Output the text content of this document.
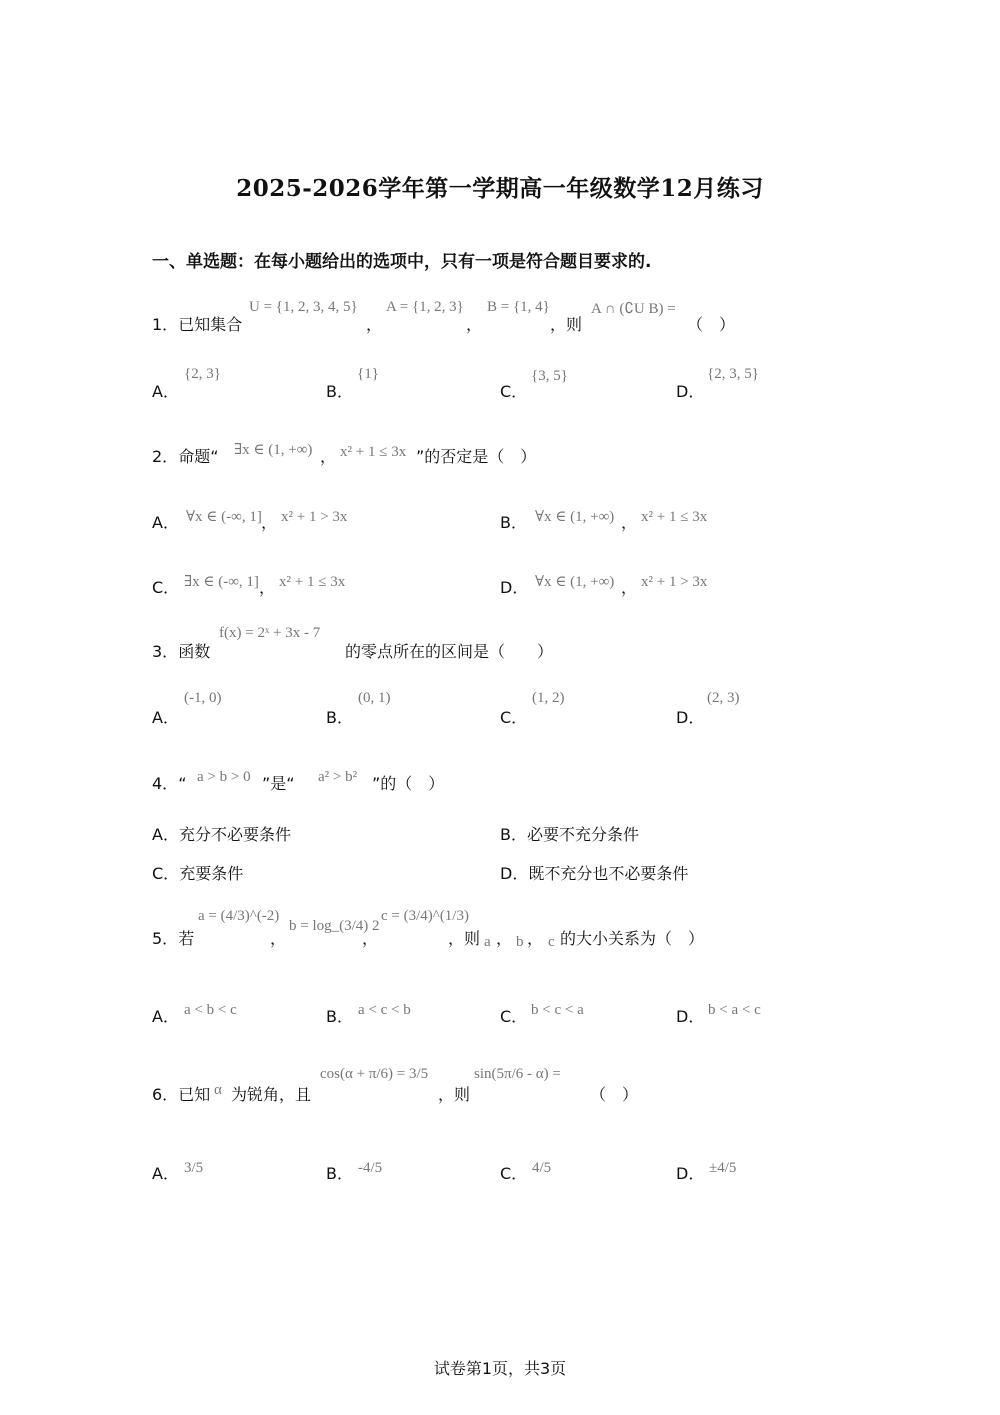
2025-2026学年第一学期高一年级数学12月练习
一、单选题：在每小题给出的选项中，只有一项是符合题目要求的.
1．已知集合
U = {1, 2, 3, 4, 5}
，
A = {1, 2, 3}
，
B = {1, 4}
，则
A ∩ (∁U B) =
（　）
A．
{2, 3}
B．
{1}
C．
{3, 5}
D．
{2, 3, 5}
2．命题“ ∃x ∈ (1, +∞) ， x² + 1 ≤ 3x ”的否定是（　）
A． ∀x ∈ (-∞, 1] ， x² + 1 > 3x	B． ∀x ∈ (1, +∞) ， x² + 1 ≤ 3x
C． ∃x ∈ (-∞, 1] ， x² + 1 ≤ 3x	D． ∀x ∈ (1, +∞) ， x² + 1 > 3x
3．函数
f(x) = 2ˣ + 3x - 7
的零点所在的区间是（　　）
A．
(-1, 0)
B．
(0, 1)
C．
(1, 2)
D．
(2, 3)
4．“ a > b > 0 ”是“ a² > b² ”的（　）
A．充分不必要条件	B．必要不充分条件
C．充要条件	D．既不充分也不必要条件
5．若
a = (4/3)^(-2)
，
b = log_(3/4) 2
，
c = (3/4)^(1/3)
，则 a ， b ， c 的大小关系为（　）
A． a < b < c	B． a < c < b	C． b < c < a	D． b < a < c
6．已知 α 为锐角，且
cos(α + π/6) = 3/5
，则
sin(5π/6 - α) =
（　）
A． 3/5	B． -4/5	C． 4/5	D． ±4/5
试卷第1页，共3页
